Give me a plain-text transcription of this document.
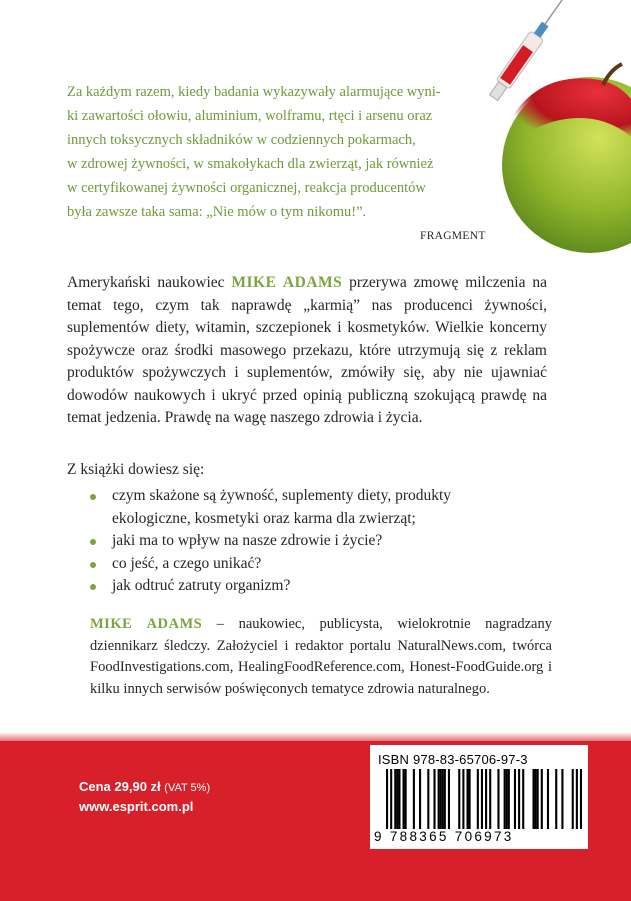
Za każdym razem, kiedy badania wykazywały alarmujące wyni-
ki zawartości ołowiu, aluminium, wolframu, rtęci i arsenu oraz
innych toksycznych składników w codziennych pokarmach,
w zdrowej żywności, w smakołykach dla zwierząt, jak również
w certyfikowanej żywności organicznej, reakcja producentów
była zawsze taka sama: „Nie mów o tym nikomu!”.
FRAGMENT
Amerykański naukowiec MIKE ADAMS przerywa zmowę milczenia na temat tego, czym tak naprawdę „karmią” nas producenci żywności, suplementów diety, witamin, szczepionek i kosmetyków. Wielkie koncerny spożywcze oraz środki masowego przekazu, które utrzymują się z reklam produktów spożywczych i suplementów, zmówiły się, aby nie ujawniać dowodów naukowych i ukryć przed opinią publiczną szokującą prawdę na temat jedzenia. Prawdę na wagę naszego zdrowia i życia.
Z książki dowiesz się:
czym skażone są żywność, suplementy diety, produkty ekologiczne, kosmetyki oraz karma dla zwierząt;
jaki ma to wpływ na nasze zdrowie i życie?
co jeść, a czego unikać?
jak odtruć zatruty organizm?
MIKE ADAMS – naukowiec, publicysta, wielokrotnie nagradzany dziennikarz śledczy. Założyciel i redaktor portalu NaturalNews.com, twórca FoodInvestigations.com, HealingFoodReference.com, Honest-FoodGuide.org i kilku innych serwisów poświęconych tematyce zdrowia naturalnego.
Cena 29,90 zł (VAT 5%)
www.esprit.com.pl
ISBN 978-83-65706-97-3
9 788365 706973
